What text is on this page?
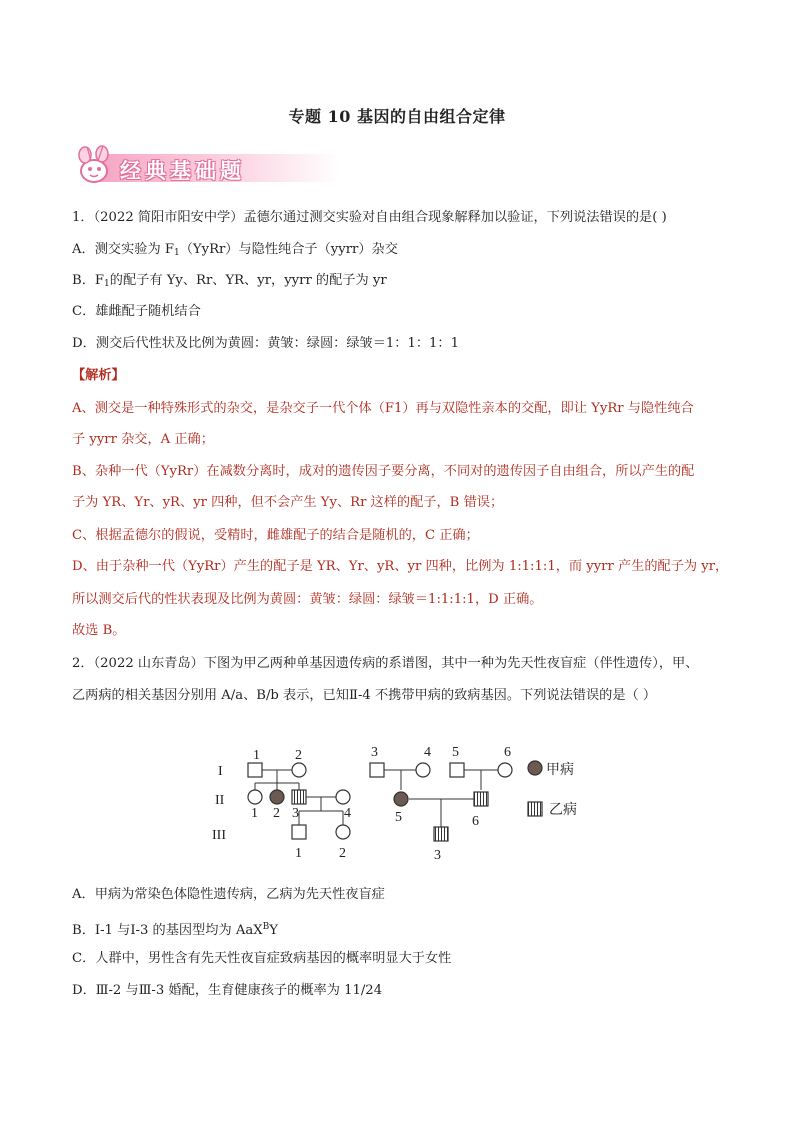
专题 10 基因的自由组合定律
经典基础题
1．（2022 简阳市阳安中学）孟德尔通过测交实验对自由组合现象解释加以验证，下列说法错误的是( )
A．测交实验为 $F_1(YyRr)$与隐性纯合子（yyrr）杂交
B．$F_1$的配子有 Yy、Rr、YR、yr，yyrr 的配子为 yr
C．雄雌配子随机结合
D．测交后代性状及比例为黄圆：黄皱：绿圆：绿皱＝1：1：1：1
【解析】
A、测交是一种特殊形式的杂交，是杂交子一代个体（F1）再与双隐性亲本的交配，即让 YyRr 与隐性纯合
子 yyrr 杂交，A 正确；
B、杂种一代（YyRr）在减数分离时，成对的遗传因子要分离，不同对的遗传因子自由组合，所以产生的配
子为 YR、Yr、yR、yr 四种，但不会产生 Yy、Rr 这样的配子，B 错误；
C、根据孟德尔的假说，受精时，雌雄配子的结合是随机的，C 正确；
D、由于杂种一代（YyRr）产生的配子是 YR、Yr、yR、yr 四种，比例为 1:1:1:1，而 yyrr 产生的配子为 yr，
所以测交后代的性状表现及比例为黄圆：黄皱：绿圆：绿皱＝1:1:1:1，D 正确。
故选 B。
2．（2022 山东青岛）下图为甲乙两种单基因遗传病的系谱图，其中一种为先天性夜盲症（伴性遗传），甲、
乙两病的相关基因分别用 A/a、B/b 表示，已知Ⅱ-4 不携带甲病的致病基因。下列说法错误的是（ ）
I
II
III
1	2
1 2 3	4
1	2
3	4 5	6
5	6
3
甲病
乙病
A．甲病为常染色体隐性遗传病，乙病为先天性夜盲症
B．Ⅰ-1 与Ⅰ-3 的基因型均为 AaX$^B$Y
C．人群中，男性含有先天性夜盲症致病基因的概率明显大于女性
D．Ⅲ-2 与Ⅲ-3 婚配，生育健康孩子的概率为 11/24
